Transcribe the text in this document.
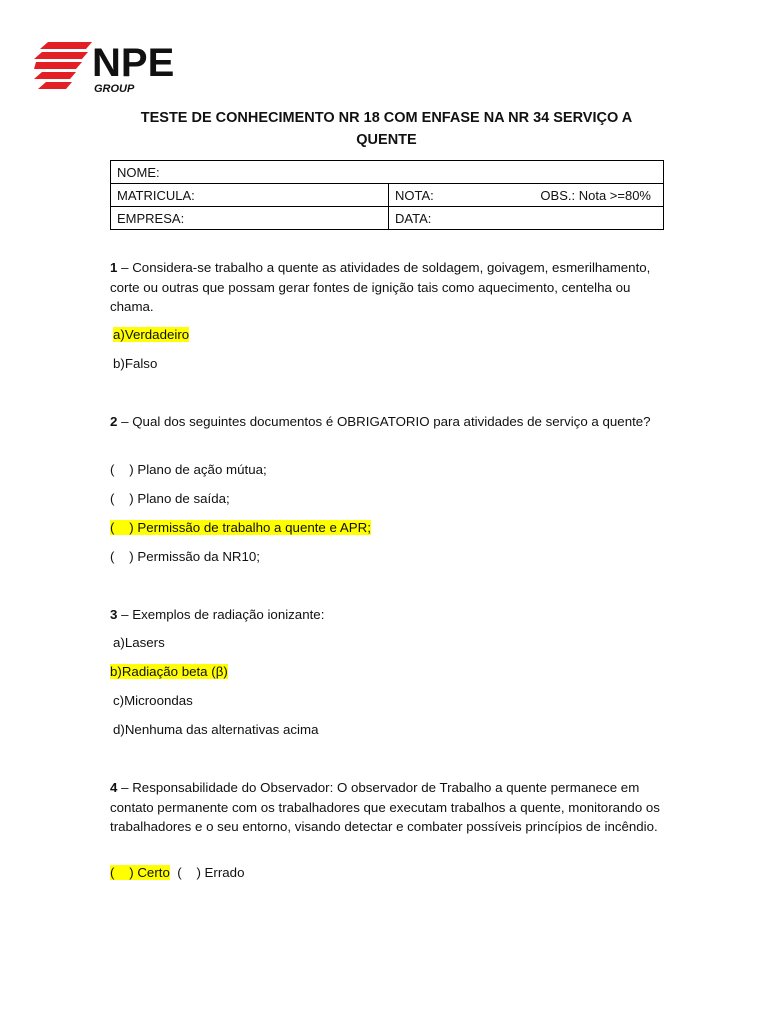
NPE
GROUP
TESTE DE CONHECIMENTO NR 18 COM ENFASE NA NR 34 SERVIÇO A
QUENTE
NOME:	
MATRICULA:	NOTA: OBS.: Nota >=80%

EMPRESA:	DATA:
1 – Considera-se trabalho a quente as atividades de soldagem, goivagem, esmerilhamento, corte ou outras que possam gerar fontes de ignição tais como aquecimento, centelha ou chama.
a)Verdadeiro
b)Falso
2 – Qual dos seguintes documentos é OBRIGATORIO para atividades de serviço a quente?
(    ) Plano de ação mútua;
(    ) Plano de saída;
(    ) Permissão de trabalho a quente e APR;
(    ) Permissão da NR10;
3 – Exemplos de radiação ionizante:
a)Lasers
b)Radiação beta (β)
c)Microondas
d)Nenhuma das alternativas acima
4 – Responsabilidade do Observador: O observador de Trabalho a quente permanece em contato permanente com os trabalhadores que executam trabalhos a quente, monitorando os trabalhadores e o seu entorno, visando detectar e combater possíveis princípios de incêndio.
(    ) Certo (    ) Errado
